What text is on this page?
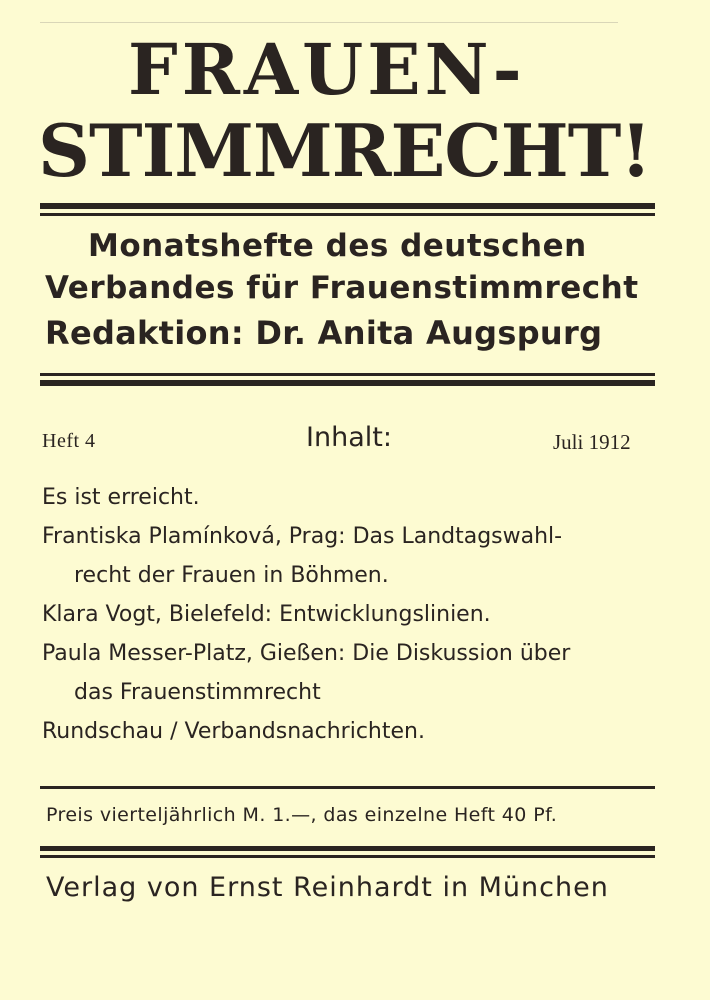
FRAUEN-
STIMMRECHT!
Monatshefte des deutschen
Verbandes für Frauenstimmrecht
Redaktion: Dr. Anita Augspurg
Heft 4	Inhalt:	Juli 1912
Es ist erreicht.
Frantiska Plamínková, Prag: Das Landtagswahl-
recht der Frauen in Böhmen.
Klara Vogt, Bielefeld: Entwicklungslinien.
Paula Messer-Platz, Gießen: Die Diskussion über
das Frauenstimmrecht
Rundschau / Verbandsnachrichten.
Preis vierteljährlich M. 1.—, das einzelne Heft 40 Pf.
Verlag von Ernst Reinhardt in München
